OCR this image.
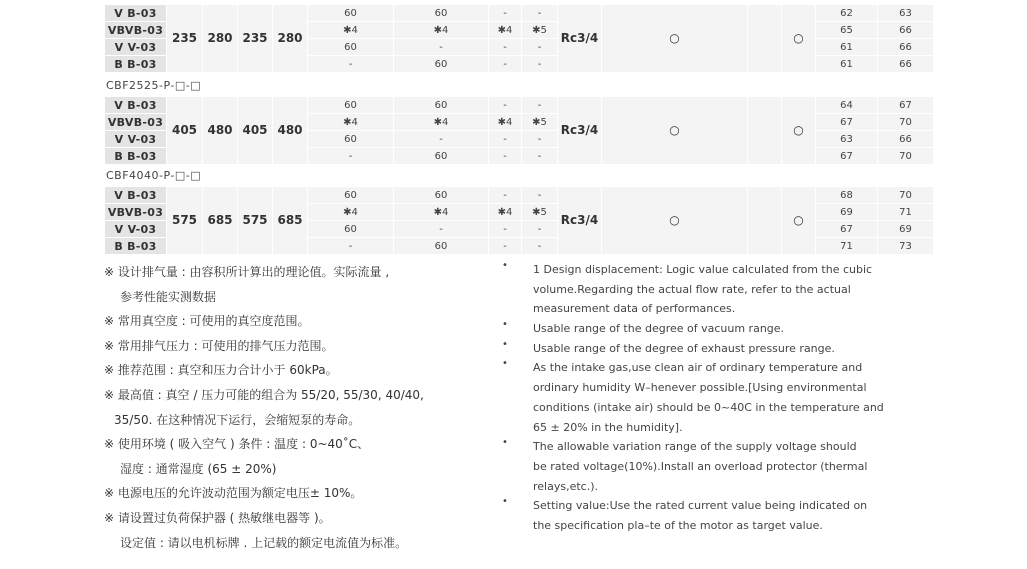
V B-03	235	280	235	280	60	60	-	-	Rc3/4	○		○	62	63		
VBVB-03					✱4	✱4	✱4	✱5					65	66	
V V-03					60	-	-	-					61	66	
B B-03					-	60	-	-					61	66	
CBF2525-P-□-□
V B-03	405	480	405	480	60	60	-	-	Rc3/4	○		○	64	67		
VBVB-03					✱4	✱4	✱4	✱5					67	70	
V V-03					60	-	-	-					63	66	
B B-03					-	60	-	-					67	70	
CBF4040-P-□-□
V B-03	575	685	575	685	60	60	-	-	Rc3/4	○		○	68	70		
VBVB-03					✱4	✱4	✱4	✱5					69	71	
V V-03					60	-	-	-					67	69	
B B-03					-	60	-	-					71	73	
※ 设计排气量 : 由容积所计算出的理论值。实际流量 ,
参考性能实测数据
※ 常用真空度 : 可使用的真空度范围。
※ 常用排气压力 : 可使用的排气压力范围。
※ 推荐范围 : 真空和压力合计小于 60kPa。
※ 最高值 : 真空 / 压力可能的组合为 55/20, 55/30, 40/40,
35/50. 在这种情况下运行，会缩短泵的寿命。
※ 使用环境 ( 吸入空气 ) 条件 : 温度 : 0~40˚C、
湿度 : 通常湿度 (65 ± 20%)
※ 电源电压的允许波动范围为额定电压± 10%。
※ 请设置过负荷保护器 ( 热敏继电器等 )。
设定值 : 请以电机标牌 . 上记载的额定电流值为标准。
• 1 Design displacement: Logic value calculated from the cubic
volume.Regarding the actual flow rate, refer to the actual
measurement data of performances.
• Usable range of the degree of vacuum range.
• Usable range of the degree of exhaust pressure range.
• As the intake gas,use clean air of ordinary temperature and
ordinary humidity W–henever possible.[Using environmental
conditions (intake air) should be 0~40C in the temperature and
65 ± 20% in the humidity].
• The allowable variation range of the supply voltage should
be rated voltage(10%).Install an overload protector (thermal
relays,etc.).
• Setting value:Use the rated current value being indicated on
the specification pla–te of the motor as target value.
